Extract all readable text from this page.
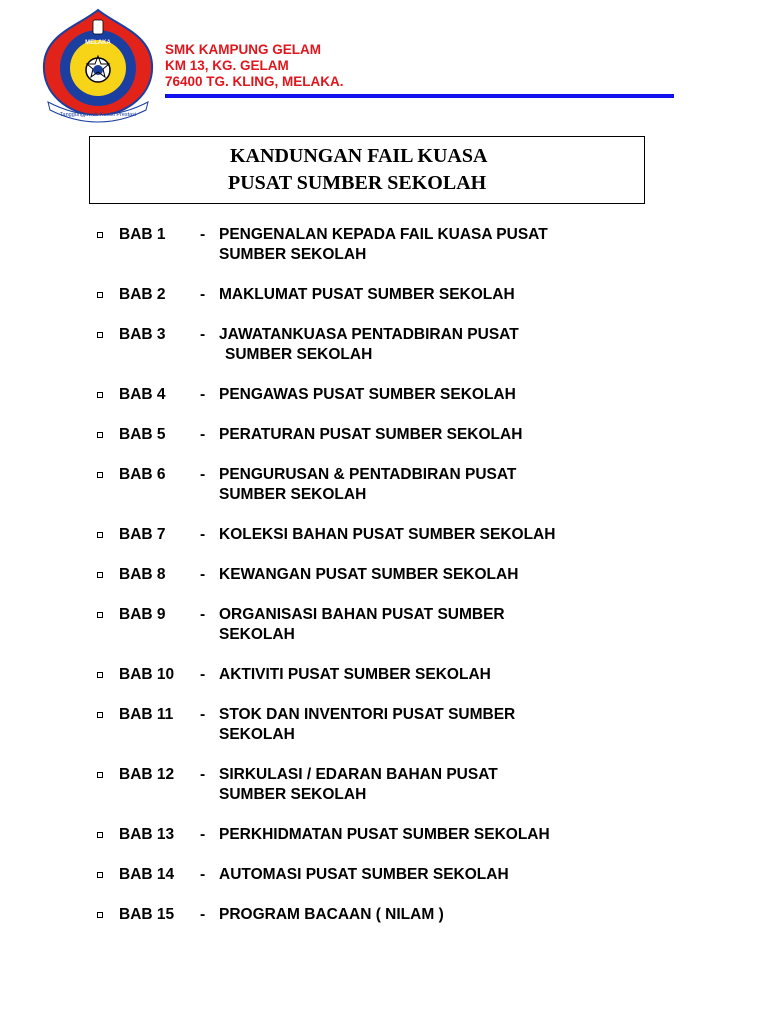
MELAKA
Tanggungjawab Kualiti Prestasi
SMK KAMPUNG GELAM
KM 13, KG. GELAM
76400 TG. KLING, MELAKA.
KANDUNGAN FAIL KUASA
PUSAT SUMBER SEKOLAH
BAB 1 - PENGENALAN KEPADA FAIL KUASA PUSAT
SUMBER SEKOLAH
BAB 2 - MAKLUMAT PUSAT SUMBER SEKOLAH
BAB 3 - JAWATANKUASA PENTADBIRAN PUSAT
SUMBER SEKOLAH
BAB 4 - PENGAWAS PUSAT SUMBER SEKOLAH
BAB 5 - PERATURAN PUSAT SUMBER SEKOLAH
BAB 6 - PENGURUSAN & PENTADBIRAN PUSAT
SUMBER SEKOLAH
BAB 7 - KOLEKSI BAHAN PUSAT SUMBER SEKOLAH
BAB 8 - KEWANGAN PUSAT SUMBER SEKOLAH
BAB 9 - ORGANISASI BAHAN PUSAT SUMBER
SEKOLAH
BAB 10 - AKTIVITI PUSAT SUMBER SEKOLAH
BAB 11 - STOK DAN INVENTORI PUSAT SUMBER
SEKOLAH
BAB 12 - SIRKULASI / EDARAN BAHAN PUSAT
SUMBER SEKOLAH
BAB 13 - PERKHIDMATAN PUSAT SUMBER SEKOLAH
BAB 14 - AUTOMASI PUSAT SUMBER SEKOLAH
BAB 15 - PROGRAM BACAAN ( NILAM )
